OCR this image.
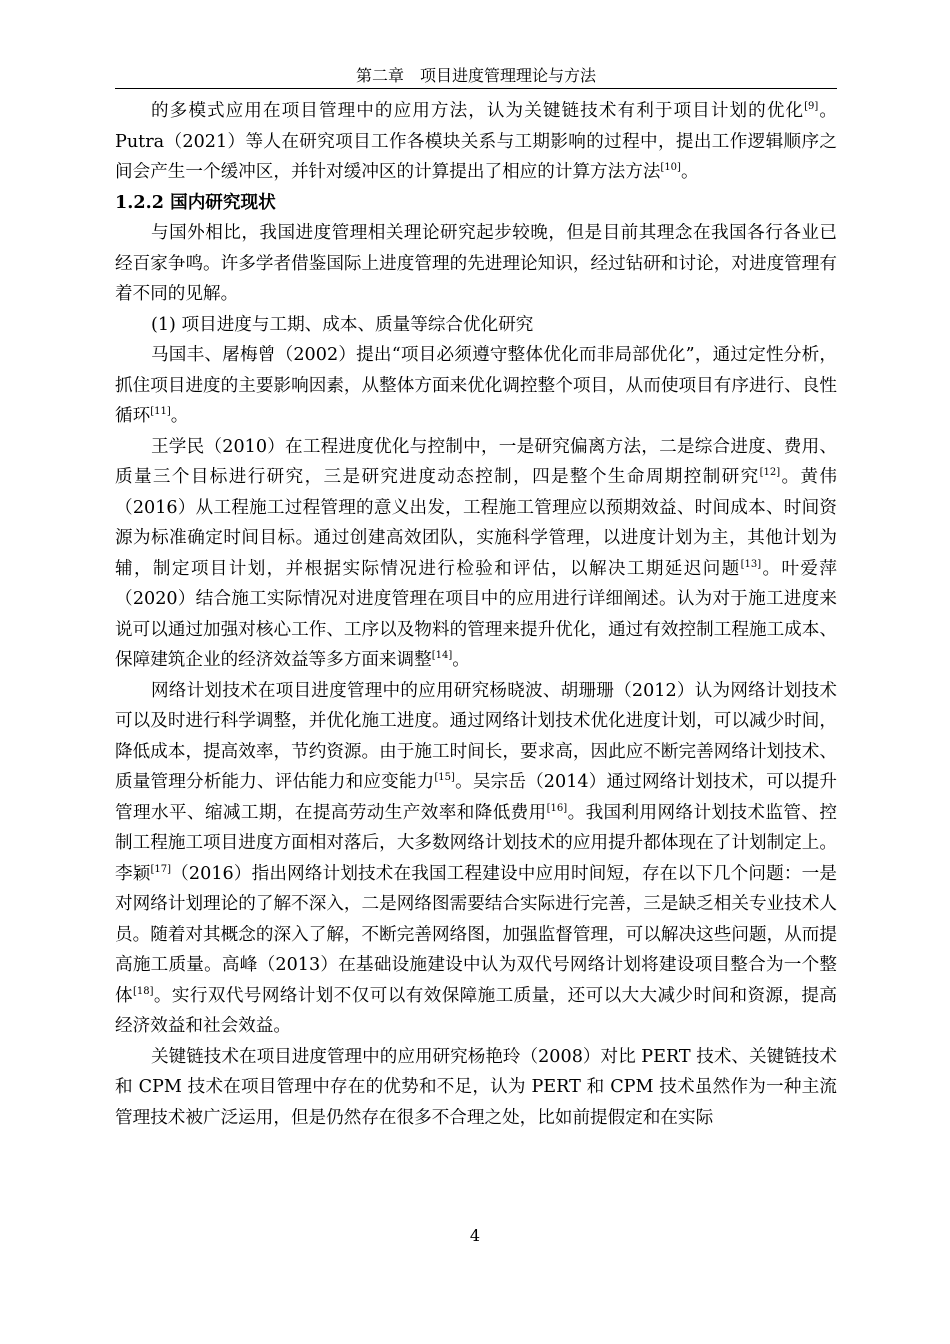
第二章　项目进度管理理论与方法

的多模式应用在项目管理中的应用方法，认为关键链技术有利于项目计划的优化[9]。Putra（2021）等人在研究项目工作各模块关系与工期影响的过程中，提出工作逻辑顺序之间会产生一个缓冲区，并针对缓冲区的计算提出了相应的计算方法方法[10]。

1.2.2 国内研究现状

与国外相比，我国进度管理相关理论研究起步较晚，但是目前其理念在我国各行各业已经百家争鸣。许多学者借鉴国际上进度管理的先进理论知识，经过钻研和讨论，对进度管理有着不同的见解。

(1) 项目进度与工期、成本、质量等综合优化研究

马国丰、屠梅曾（2002）提出“项目必须遵守整体优化而非局部优化”，通过定性分析，抓住项目进度的主要影响因素，从整体方面来优化调控整个项目，从而使项目有序进行、良性循环[11]。

王学民（2010）在工程进度优化与控制中，一是研究偏离方法，二是综合进度、费用、质量三个目标进行研究，三是研究进度动态控制，四是整个生命周期控制研究[12]。黄伟（2016）从工程施工过程管理的意义出发，工程施工管理应以预期效益、时间成本、时间资源为标准确定时间目标。通过创建高效团队，实施科学管理，以进度计划为主，其他计划为辅，制定项目计划，并根据实际情况进行检验和评估，以解决工期延迟问题[13]。叶爱萍（2020）结合施工实际情况对进度管理在项目中的应用进行详细阐述。认为对于施工进度来说可以通过加强对核心工作、工序以及物料的管理来提升优化，通过有效控制工程施工成本、保障建筑企业的经济效益等多方面来调整[14]。

网络计划技术在项目进度管理中的应用研究杨晓波、胡珊珊（2012）认为网络计划技术可以及时进行科学调整，并优化施工进度。通过网络计划技术优化进度计划，可以减少时间，降低成本，提高效率，节约资源。由于施工时间长，要求高，因此应不断完善网络计划技术、质量管理分析能力、评估能力和应变能力[15]。吴宗岳（2014）通过网络计划技术，可以提升管理水平、缩减工期，在提高劳动生产效率和降低费用[16]。我国利用网络计划技术监管、控制工程施工项目进度方面相对落后，大多数网络计划技术的应用提升都体现在了计划制定上。李颖[17]（2016）指出网络计划技术在我国工程建设中应用时间短，存在以下几个问题：一是对网络计划理论的了解不深入，二是网络图需要结合实际进行完善，三是缺乏相关专业技术人员。随着对其概念的深入了解，不断完善网络图，加强监督管理，可以解决这些问题，从而提高施工质量。高峰（2013）在基础设施建设中认为双代号网络计划将建设项目整合为一个整体[18]。实行双代号网络计划不仅可以有效保障施工质量，还可以大大减少时间和资源，提高经济效益和社会效益。

关键链技术在项目进度管理中的应用研究杨艳玲（2008）对比 PERT 技术、关键链技术和 CPM 技术在项目管理中存在的优势和不足，认为 PERT 和 CPM 技术虽然作为一种主流管理技术被广泛运用，但是仍然存在很多不合理之处，比如前提假定和在实际

4
